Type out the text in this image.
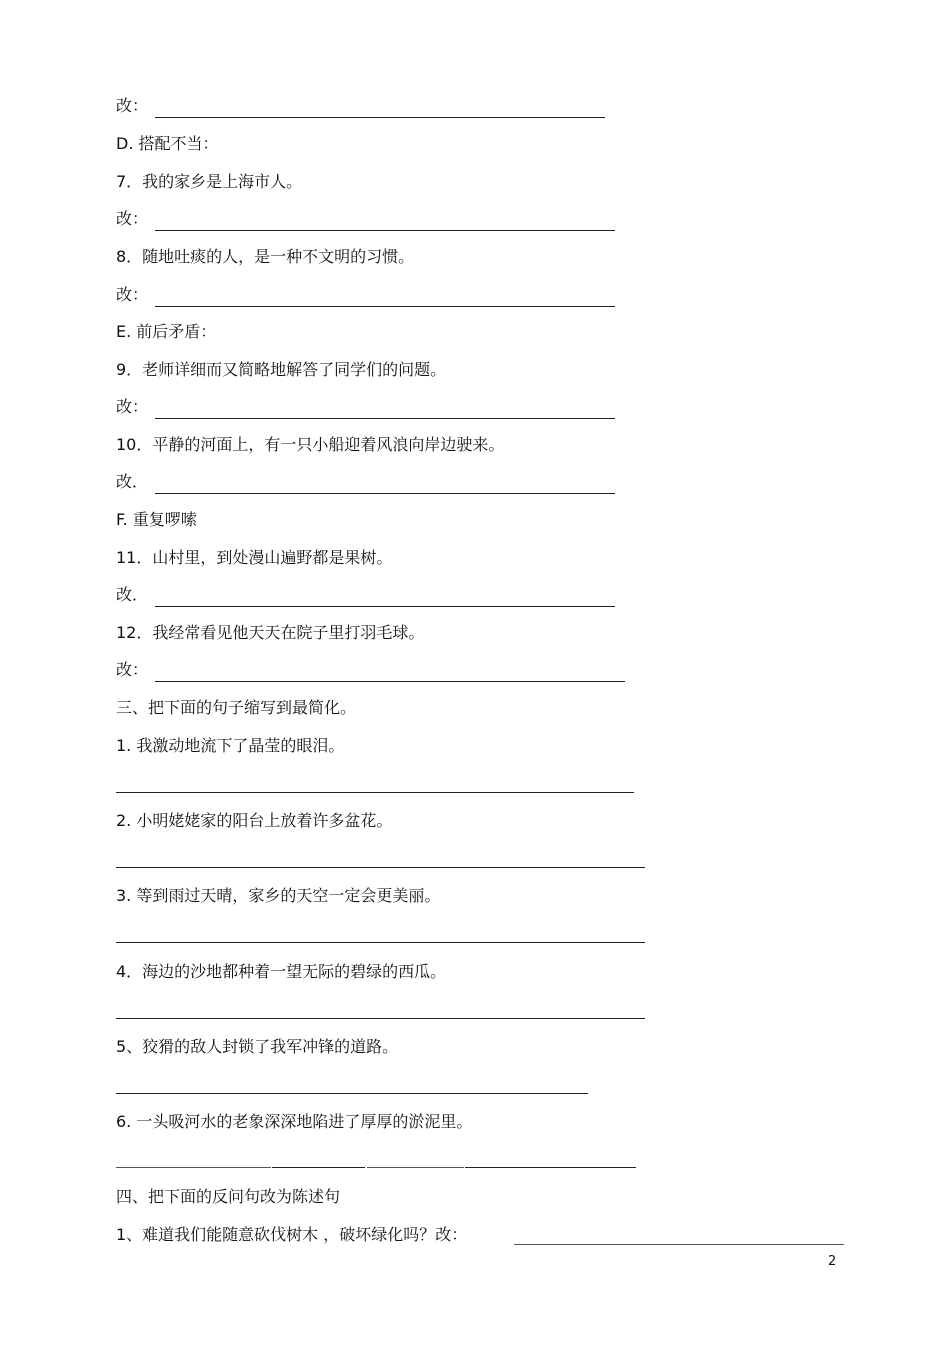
改：
D. 搭配不当：
7．我的家乡是上海市人。
改：
8．随地吐痰的人，是一种不文明的习惯。
改：
E. 前后矛盾：
9．老师详细而又简略地解答了同学们的问题。
改：
10．平静的河面上，有一只小船迎着风浪向岸边驶来。
改．
F. 重复啰嗦
11．山村里，到处漫山遍野都是果树。
改．
12．我经常看见他天天在院子里打羽毛球。
改：
三、把下面的句子缩写到最简化。
1. 我激动地流下了晶莹的眼泪。
2. 小明姥姥家的阳台上放着许多盆花。
3. 等到雨过天晴，家乡的天空一定会更美丽。
4．海边的沙地都种着一望无际的碧绿的西瓜。
5、狡猾的敌人封锁了我军冲锋的道路。
6. 一头吸河水的老象深深地陷进了厚厚的淤泥里。
四、把下面的反问句改为陈述句
1、难道我们能随意砍伐树木 ，破坏绿化吗？改：
2
